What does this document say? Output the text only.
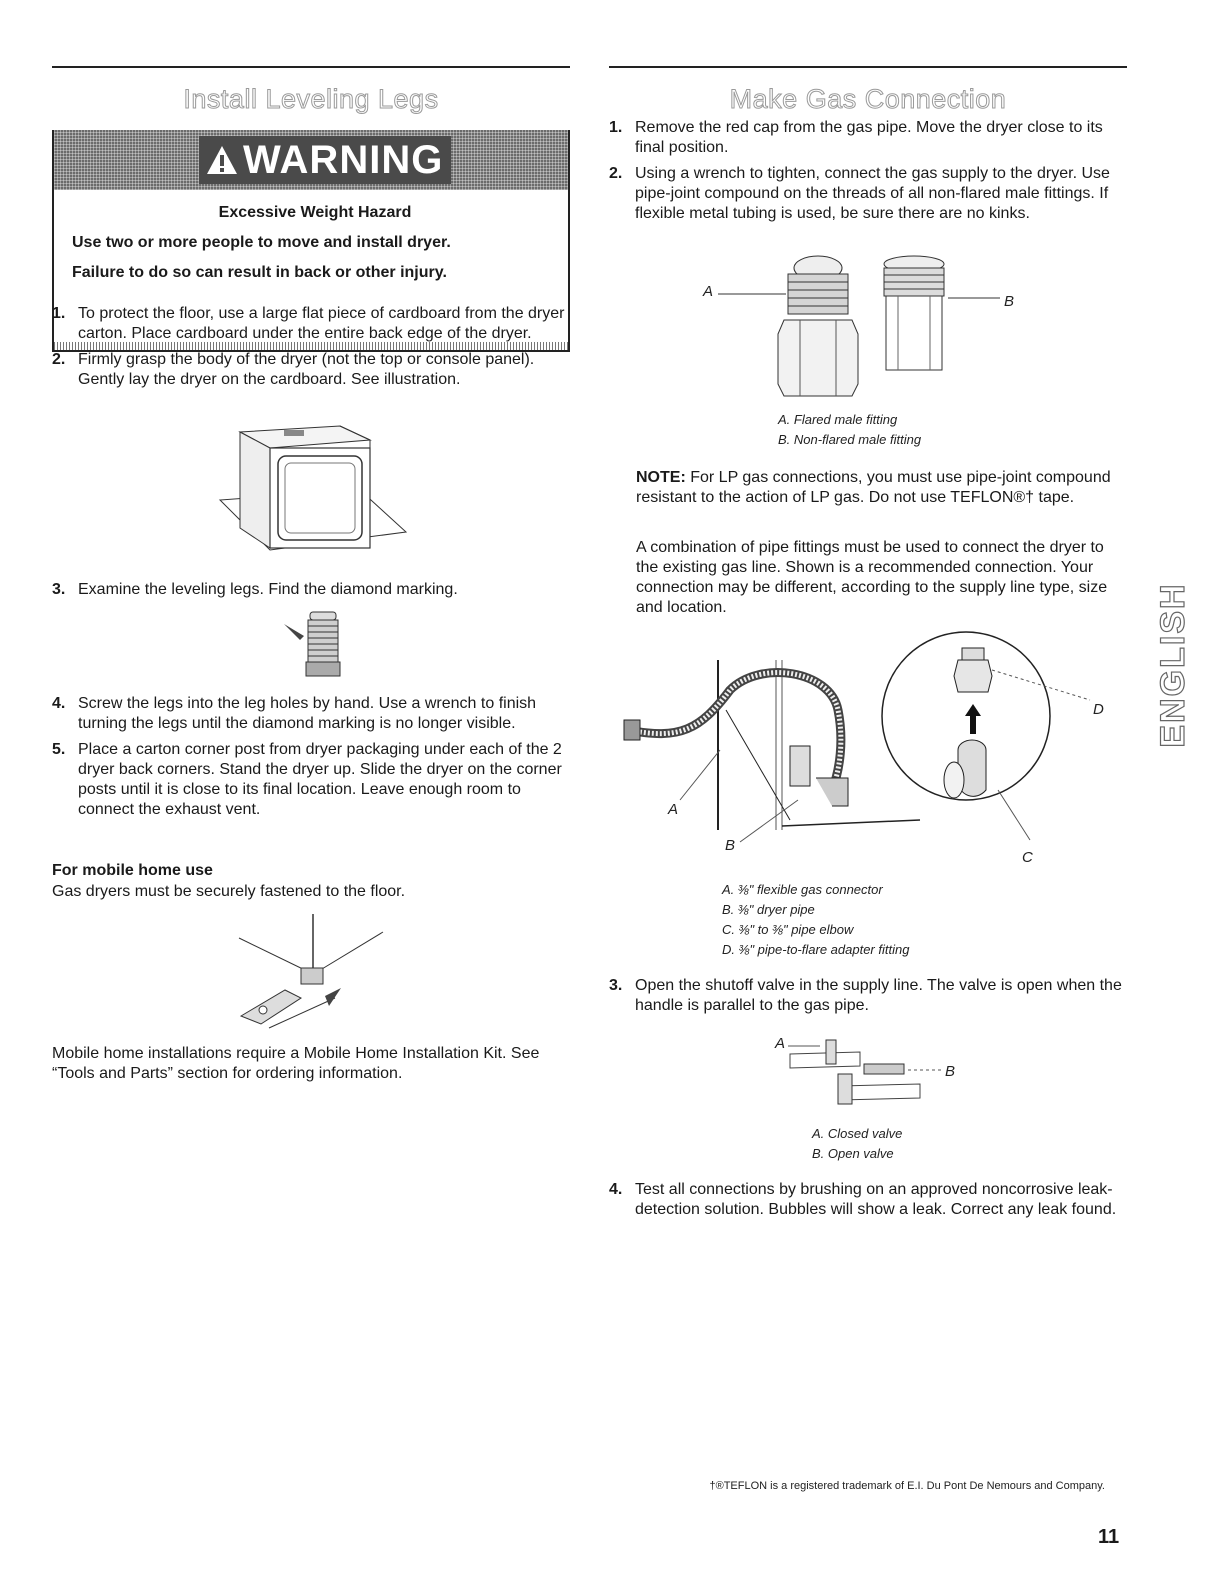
Install Leveling Legs
WARNING
Excessive Weight Hazard
Use two or more people to move and install dryer.
Failure to do so can result in back or other injury.
1. To protect the floor, use a large flat piece of cardboard from the dryer carton. Place cardboard under the entire back edge of the dryer.
2. Firmly grasp the body of the dryer (not the top or console panel). Gently lay the dryer on the cardboard. See illustration.
3. Examine the leveling legs. Find the diamond marking.
4. Screw the legs into the leg holes by hand. Use a wrench to finish turning the legs until the diamond marking is no longer visible.
5. Place a carton corner post from dryer packaging under each of the 2 dryer back corners. Stand the dryer up. Slide the dryer on the corner posts until it is close to its final location. Leave enough room to connect the exhaust vent.
For mobile home use
Gas dryers must be securely fastened to the floor.
Mobile home installations require a Mobile Home Installation Kit. See “Tools and Parts” section for ordering information.
Make Gas Connection
1. Remove the red cap from the gas pipe. Move the dryer close to its final position.
2. Using a wrench to tighten, connect the gas supply to the dryer. Use pipe-joint compound on the threads of all non-flared male fittings. If flexible metal tubing is used, be sure there are no kinks.
A
B
A. Flared male fitting
B. Non-flared male fitting
NOTE: For LP gas connections, you must use pipe-joint compound resistant to the action of LP gas. Do not use TEFLON®† tape.
A combination of pipe fittings must be used to connect the dryer to the existing gas line. Shown is a recommended connection. Your connection may be different, according to the supply line type, size and location.
D
A
B
C
A. ⅜" flexible gas connector
B. ⅜" dryer pipe
C. ⅜" to ⅜" pipe elbow
D. ⅜" pipe-to-flare adapter fitting
3. Open the shutoff valve in the supply line. The valve is open when the handle is parallel to the gas pipe.
A
B
A. Closed valve
B. Open valve
4. Test all connections by brushing on an approved noncorrosive leak-detection solution. Bubbles will show a leak. Correct any leak found.
ENGLISH
†®TEFLON is a registered trademark of E.I. Du Pont De Nemours and Company.
11
